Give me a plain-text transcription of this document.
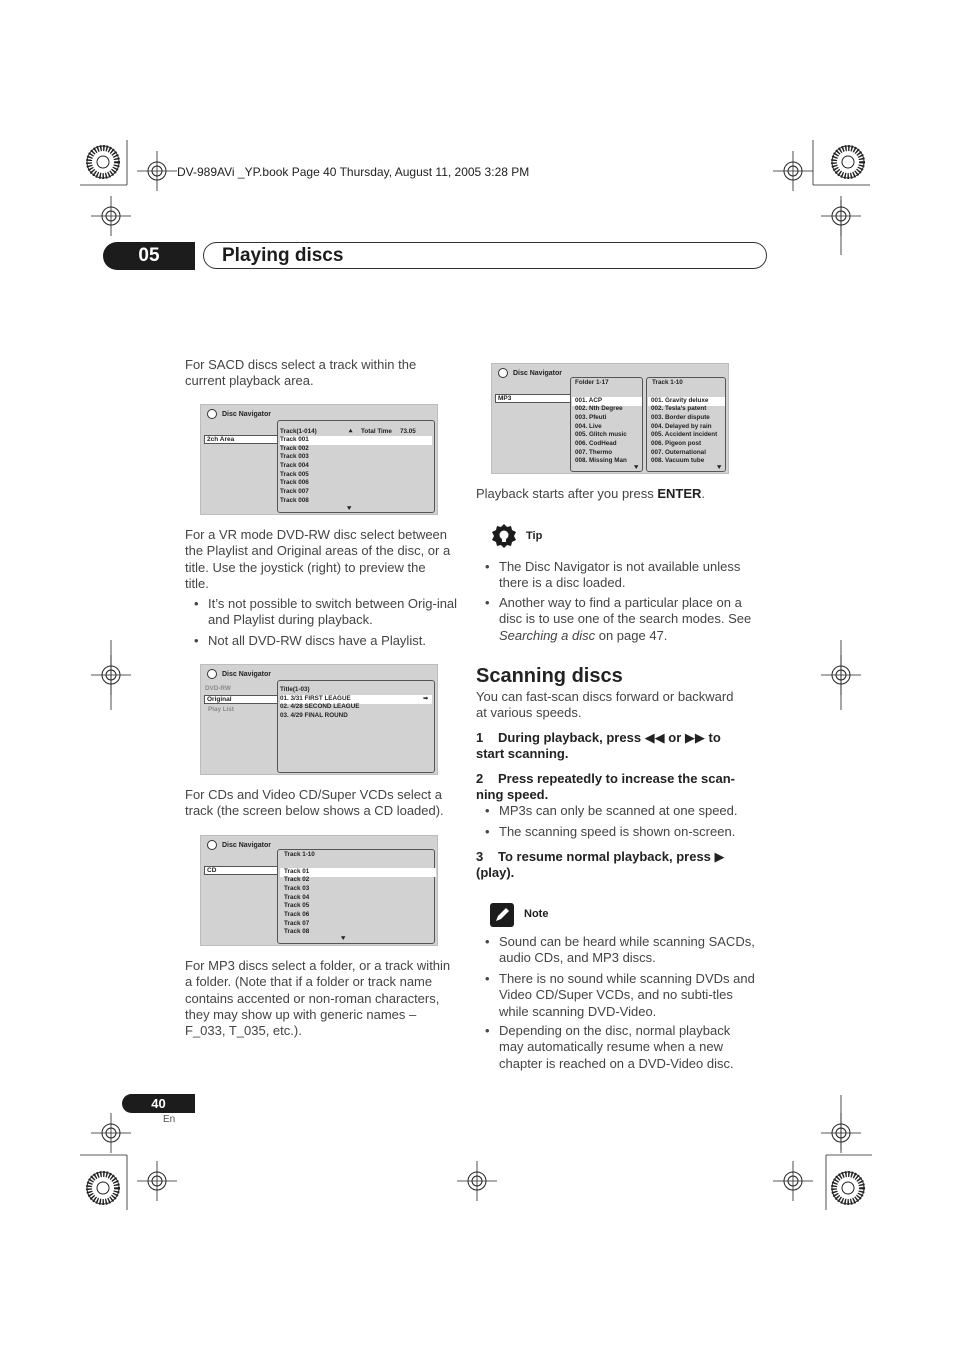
DV-989AVi _YP.book Page 40 Thursday, August 11, 2005 3:28 PM
05	Playing discs
For SACD discs select a track within the current playback area.
Disc Navigator
2ch Area
Track(1-014)	⯅ Total Time 73.05
Track 001
Track 002
Track 003
Track 004
Track 005
Track 006
Track 007
Track 008
⯆
For a VR mode DVD-RW disc select between the Playlist and Original areas of the disc, or a title. Use the joystick (right) to preview the title.
• It’s not possible to switch between Orig-inal and Playlist during playback.
• Not all DVD-RW discs have a Playlist.
Disc Navigator
DVD-RW
Original
Play List
Title(1-03)
01. 3/31 FIRST LEAGUE	➡
02. 4/28 SECOND LEAGUE
03. 4/29 FINAL ROUND
For CDs and Video CD/Super VCDs select a track (the screen below shows a CD loaded).
Disc Navigator
CD
Track 1-10
Track 01
Track 02
Track 03
Track 04
Track 05
Track 06
Track 07
Track 08
⯆
For MP3 discs select a folder, or a track within a folder. (Note that if a folder or track name contains accented or non-roman characters, they may show up with generic names – F_033, T_035, etc.).
Disc Navigator
MP3
Folder 1-17
001. ACP
002. Nth Degree
003. Pfeuti
004. Live
005. Glitch music
006. CodHead
007. Thermo
008. Missing Man
⯆
Track 1-10
001. Gravity deluxe
002. Tesla’s patent
003. Border dispute
004. Delayed by rain
005. Accident incident
006. Pigeon post
007. Outernational
008. Vacuum tube
⯆
Playback starts after you press ENTER.
Tip
• The Disc Navigator is not available unless there is a disc loaded.
• Another way to find a particular place on a disc is to use one of the search modes. See Searching a disc on page 47.
Scanning discs
You can fast-scan discs forward or backward at various speeds.
1	During playback, press ◀◀ or ▶▶ to start scanning.
2	Press repeatedly to increase the scan-ning speed.
• MP3s can only be scanned at one speed.
• The scanning speed is shown on-screen.
3	To resume normal playback, press ▶ (play).
Note
• Sound can be heard while scanning SACDs, audio CDs, and MP3 discs.
• There is no sound while scanning DVDs and Video CD/Super VCDs, and no subti-tles while scanning DVD-Video.
• Depending on the disc, normal playback may automatically resume when a new chapter is reached on a DVD-Video disc.
40
En
